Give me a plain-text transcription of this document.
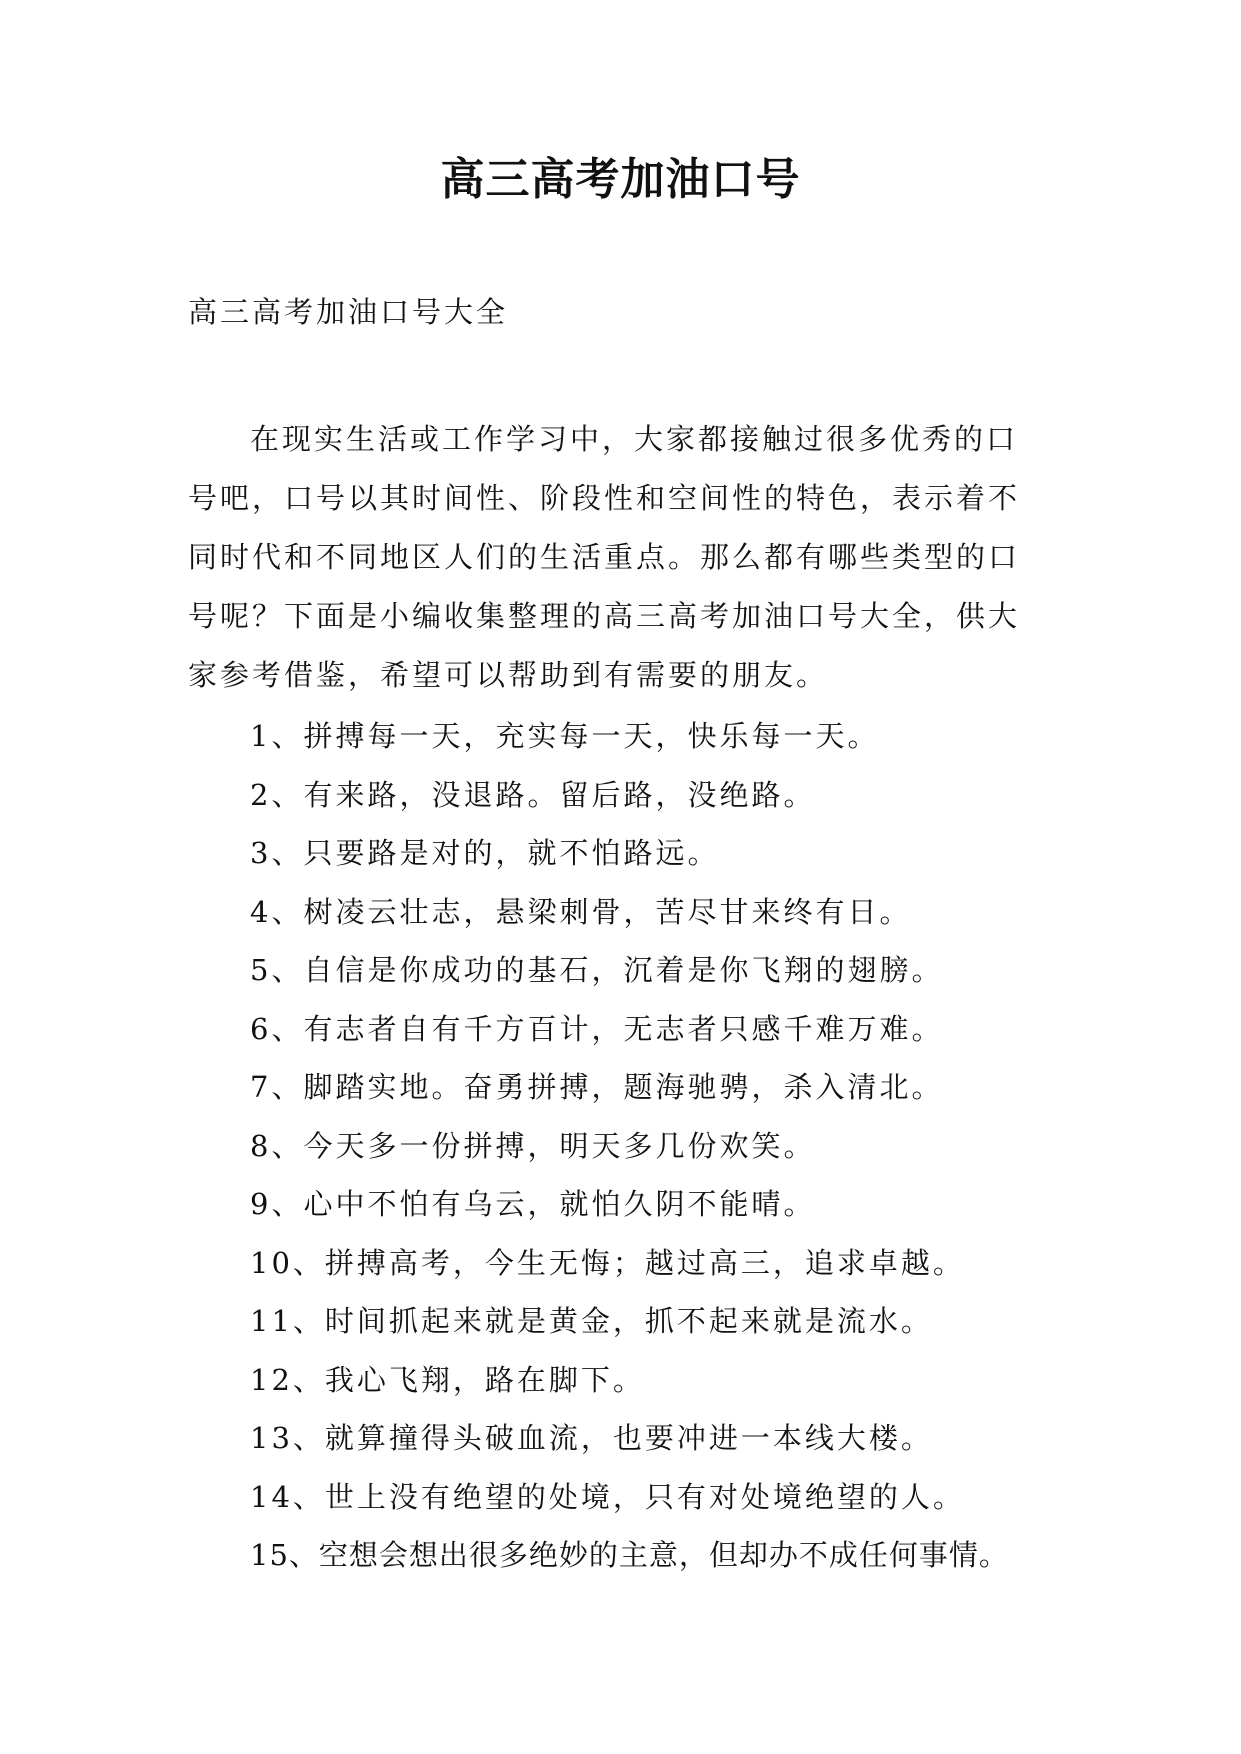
高三高考加油口号
高三高考加油口号大全
在现实生活或工作学习中，大家都接触过很多优秀的口
号吧，口号以其时间性、阶段性和空间性的特色，表示着不
同时代和不同地区人们的生活重点。那么都有哪些类型的口
号呢？下面是小编收集整理的高三高考加油口号大全，供大
家参考借鉴，希望可以帮助到有需要的朋友。
1、拼搏每一天，充实每一天，快乐每一天。
2、有来路，没退路。留后路，没绝路。
3、只要路是对的，就不怕路远。
4、树凌云壮志，悬梁刺骨，苦尽甘来终有日。
5、自信是你成功的基石，沉着是你飞翔的翅膀。
6、有志者自有千方百计，无志者只感千难万难。
7、脚踏实地。奋勇拼搏，题海驰骋，杀入清北。
8、今天多一份拼搏，明天多几份欢笑。
9、心中不怕有乌云，就怕久阴不能晴。
10、拼搏高考，今生无悔；越过高三，追求卓越。
11、时间抓起来就是黄金，抓不起来就是流水。
12、我心飞翔，路在脚下。
13、就算撞得头破血流，也要冲进一本线大楼。
14、世上没有绝望的处境，只有对处境绝望的人。
15、空想会想出很多绝妙的主意，但却办不成任何事情。
